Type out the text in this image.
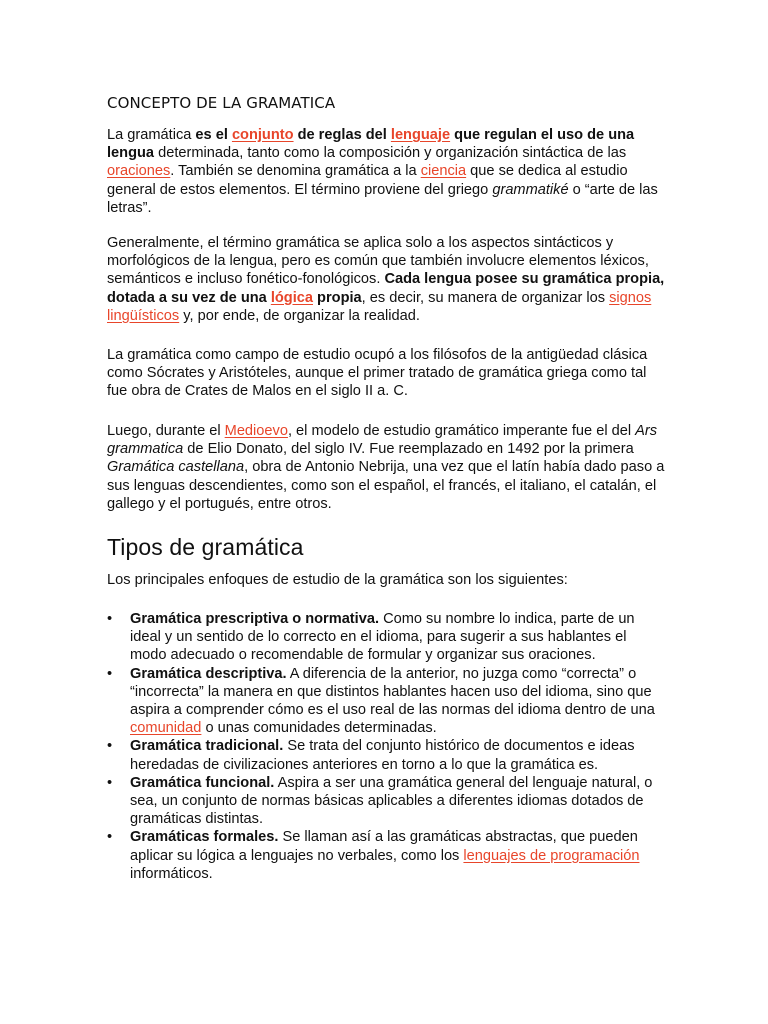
CONCEPTO DE LA GRAMATICA

La gramática es el conjunto de reglas del lenguaje que regulan el uso de una lengua determinada, tanto como la composición y organización sintáctica de las oraciones. También se denomina gramática a la ciencia que se dedica al estudio general de estos elementos. El término proviene del griego grammatiké o “arte de las letras”.

Generalmente, el término gramática se aplica solo a los aspectos sintácticos y morfológicos de la lengua, pero es común que también involucre elementos léxicos, semánticos e incluso fonético-fonológicos. Cada lengua posee su gramática propia, dotada a su vez de una lógica propia, es decir, su manera de organizar los signos lingüísticos y, por ende, de organizar la realidad.

La gramática como campo de estudio ocupó a los filósofos de la antigüedad clásica como Sócrates y Aristóteles, aunque el primer tratado de gramática griega como tal fue obra de Crates de Malos en el siglo II a. C.

Luego, durante el Medioevo, el modelo de estudio gramático imperante fue el del Ars grammatica de Elio Donato, del siglo IV. Fue reemplazado en 1492 por la primera Gramática castellana, obra de Antonio Nebrija, una vez que el latín había dado paso a sus lenguas descendientes, como son el español, el francés, el italiano, el catalán, el gallego y el portugués, entre otros.

Tipos de gramática

Los principales enfoques de estudio de la gramática son los siguientes:

• Gramática prescriptiva o normativa. Como su nombre lo indica, parte de un ideal y un sentido de lo correcto en el idioma, para sugerir a sus hablantes el modo adecuado o recomendable de formular y organizar sus oraciones.
• Gramática descriptiva. A diferencia de la anterior, no juzga como “correcta” o “incorrecta” la manera en que distintos hablantes hacen uso del idioma, sino que aspira a comprender cómo es el uso real de las normas del idioma dentro de una comunidad o unas comunidades determinadas.
• Gramática tradicional. Se trata del conjunto histórico de documentos e ideas heredadas de civilizaciones anteriores en torno a lo que la gramática es.
• Gramática funcional. Aspira a ser una gramática general del lenguaje natural, o sea, un conjunto de normas básicas aplicables a diferentes idiomas dotados de gramáticas distintas.
• Gramáticas formales. Se llaman así a las gramáticas abstractas, que pueden aplicar su lógica a lenguajes no verbales, como los lenguajes de programación informáticos.
